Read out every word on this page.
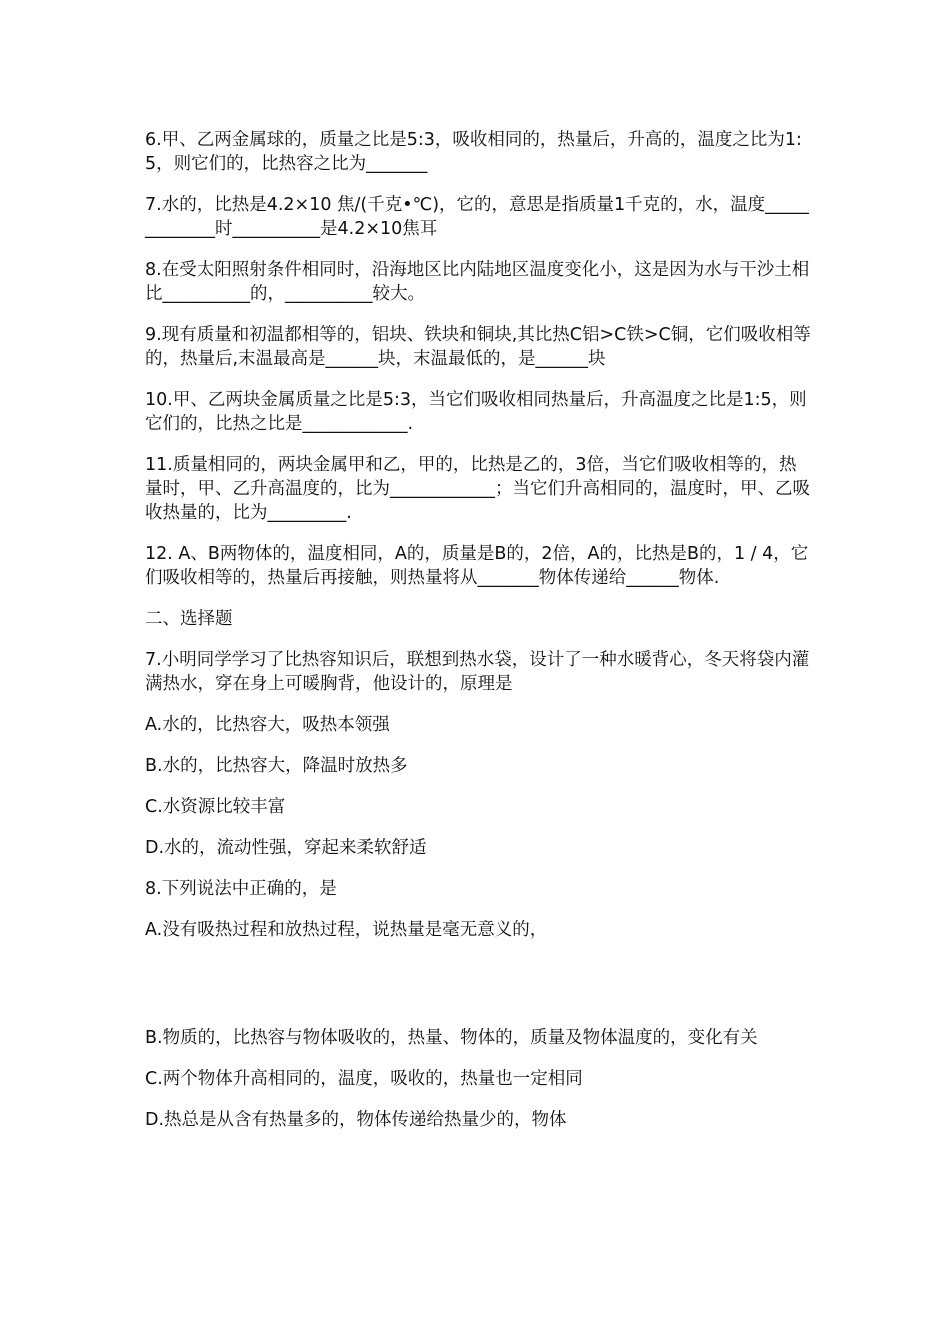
6.甲、乙两金属球的，质量之比是5:3，吸收相同的，热量后，升高的，温度之比为1:5，则它们的，比热容之比为_______

7.水的，比热是4.2×10 焦/(千克•℃)，它的，意思是指质量1千克的，水，温度_____________时__________是4.2×10焦耳

8.在受太阳照射条件相同时，沿海地区比内陆地区温度变化小，这是因为水与干沙土相比__________的，__________较大。

9.现有质量和初温都相等的，铝块、铁块和铜块,其比热C铝>C铁>C铜，它们吸收相等的，热量后,末温最高是______块，末温最低的，是______块

10.甲、乙两块金属质量之比是5:3，当它们吸收相同热量后，升高温度之比是1:5，则它们的，比热之比是____________.

11.质量相同的，两块金属甲和乙，甲的，比热是乙的，3倍，当它们吸收相等的，热量时，甲、乙升高温度的，比为____________；当它们升高相同的，温度时，甲、乙吸收热量的，比为_________.

12. A、B两物体的，温度相同，A的，质量是B的，2倍，A的，比热是B的，1 / 4，它们吸收相等的，热量后再接触，则热量将从_______物体传递给______物体.

二、选择题

7.小明同学学习了比热容知识后，联想到热水袋，设计了一种水暖背心，冬天将袋内灌满热水，穿在身上可暖胸背，他设计的，原理是

A.水的，比热容大，吸热本领强

B.水的，比热容大，降温时放热多

C.水资源比较丰富

D.水的，流动性强，穿起来柔软舒适

8.下列说法中正确的，是

A.没有吸热过程和放热过程，说热量是毫无意义的，

B.物质的，比热容与物体吸收的，热量、物体的，质量及物体温度的，变化有关

C.两个物体升高相同的，温度，吸收的，热量也一定相同

D.热总是从含有热量多的，物体传递给热量少的，物体
